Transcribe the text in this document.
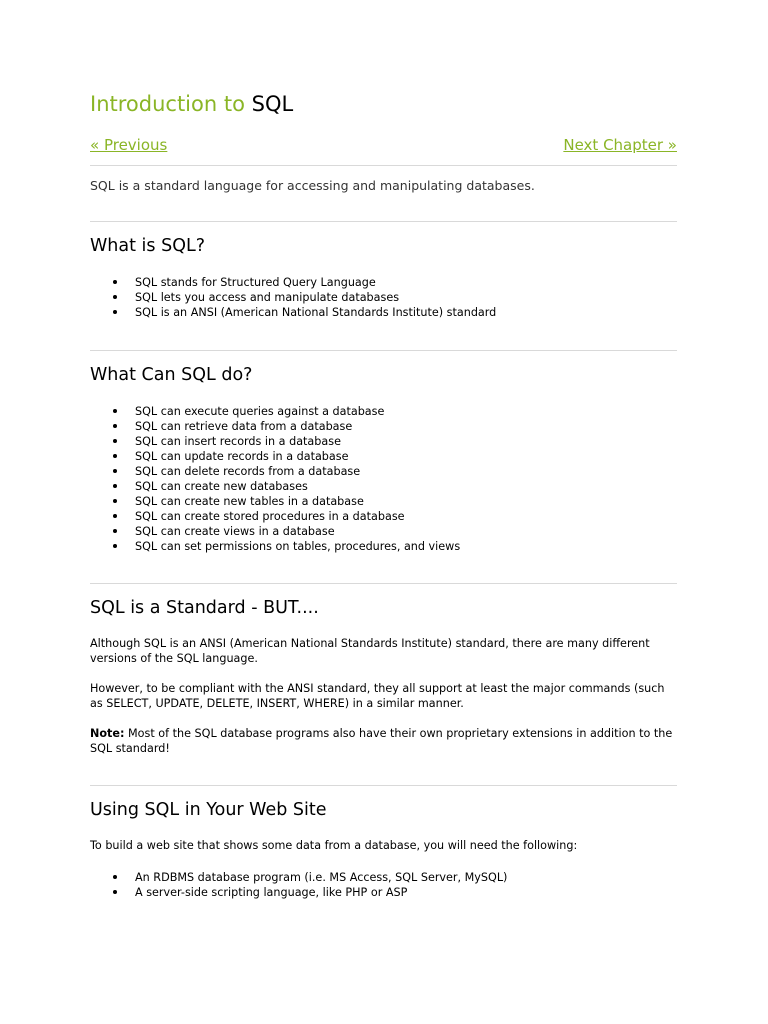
Introduction to SQL
« Previous	Next Chapter »

SQL is a standard language for accessing and manipulating databases.

What is SQL?
SQL stands for Structured Query Language
SQL lets you access and manipulate databases
SQL is an ANSI (American National Standards Institute) standard
What Can SQL do?
SQL can execute queries against a database
SQL can retrieve data from a database
SQL can insert records in a database
SQL can update records in a database
SQL can delete records from a database
SQL can create new databases
SQL can create new tables in a database
SQL can create stored procedures in a database
SQL can create views in a database
SQL can set permissions on tables, procedures, and views
SQL is a Standard - BUT....

Although SQL is an ANSI (American National Standards Institute) standard, there are many different versions of the SQL language.

However, to be compliant with the ANSI standard, they all support at least the major commands (such as SELECT, UPDATE, DELETE, INSERT, WHERE) in a similar manner.

Note: Most of the SQL database programs also have their own proprietary extensions in addition to the SQL standard!

Using SQL in Your Web Site

To build a web site that shows some data from a database, you will need the following:

An RDBMS database program (i.e. MS Access, SQL Server, MySQL)
A server-side scripting language, like PHP or ASP
